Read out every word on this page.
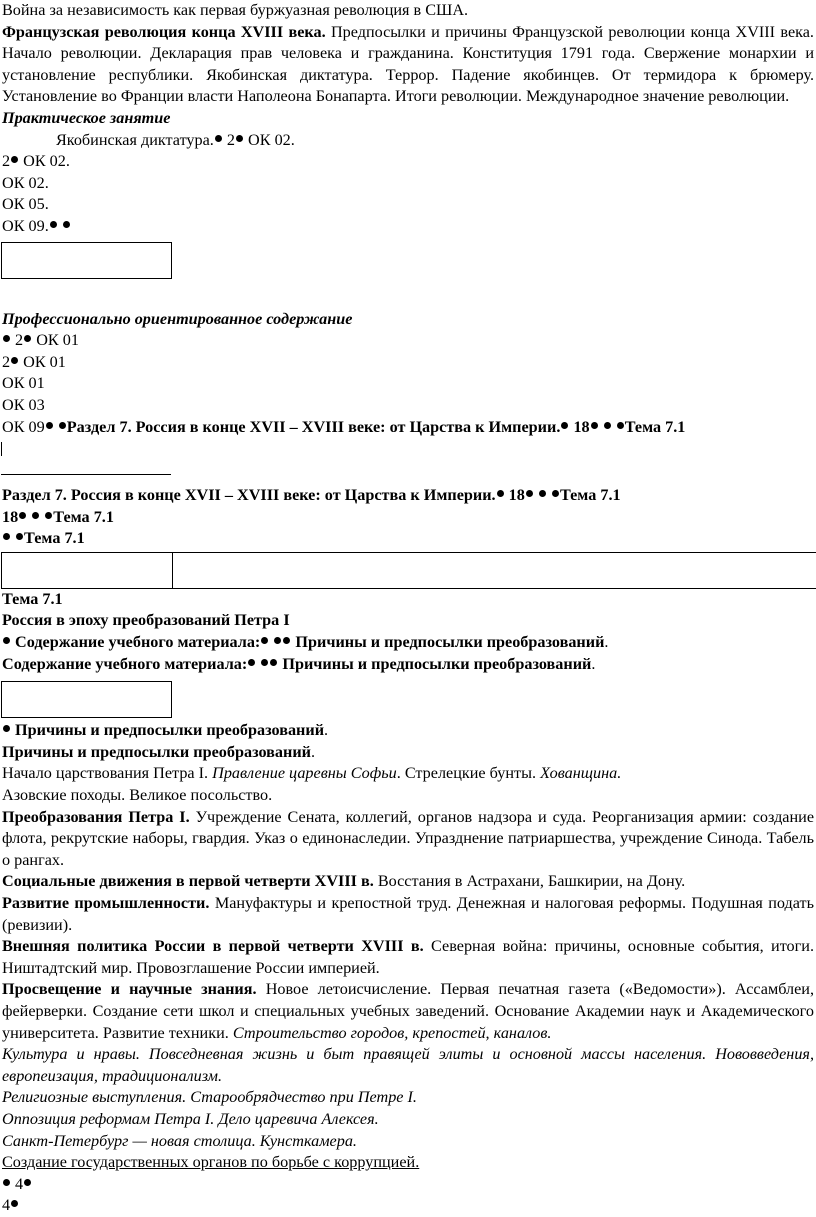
Война за независимость как первая буржуазная революция в США.

Французская революция конца XVIII века. Предпосылки и причины Французской революции конца XVIII века. Начало революции. Декларация прав человека и гражданина. Конституция 1791 года. Свержение монархии и установление республики. Якобинская диктатура. Террор. Падение якобинцев. От термидора к брюмеру. Установление во Франции власти Наполеона Бонапарта. Итоги революции. Международное значение революции.

Практическое занятие

Якобинская диктатура. 2 ОК 02.

2 ОК 02.

ОК 02.

ОК 05.

ОК 09.

Профессионально ориентированное содержание

2 ОК 01

2 ОК 01

ОК 01

ОК 03

ОК 09 Раздел 7. Россия в конце XVII – XVIII веке: от Царства к Империи. 18 Тема 7.1

Раздел 7. Россия в конце XVII – XVIII веке: от Царства к Империи. 18 Тема 7.1

18 Тема 7.1

Тема 7.1

Тема 7.1

Россия в эпоху преобразований Петра I

Содержание учебного материала:  Причины и предпосылки преобразований.

Содержание учебного материала:  Причины и предпосылки преобразований.

Причины и предпосылки преобразований.

Причины и предпосылки преобразований.

Начало царствования Петра I. Правление царевны Софьи. Стрелецкие бунты. Хованщина.

Азовские походы. Великое посольство.

Преобразования Петра I. Учреждение Сената, коллегий, органов надзора и суда. Реорганизация армии: создание флота, рекрутские наборы, гвардия. Указ о единонаследии. Упразднение патриаршества, учреждение Синода. Табель о рангах.

Социальные движения в первой четверти XVIII в. Восстания в Астрахани, Башкирии, на Дону.

Развитие промышленности. Мануфактуры и крепостной труд. Денежная и налоговая реформы. Подушная подать (ревизии).

Внешняя политика России в первой четверти XVIII в. Северная война: причины, основные события, итоги. Ништадтский мир. Провозглашение России империей.

Просвещение и научные знания. Новое летоисчисление. Первая печатная газета («Ведомости»). Ассамблеи, фейерверки. Создание сети школ и специальных учебных заведений. Основание Академии наук и Академического университета. Развитие техники. Строительство городов, крепостей, каналов.

Культура и нравы. Повседневная жизнь и быт правящей элиты и основной массы населения. Нововведения, европеизация, традиционализм.

Религиозные выступления. Старообрядчество при Петре I.

Оппозиция реформам Петра I. Дело царевича Алексея.

Санкт-Петербург — новая столица. Кунсткамера.

Создание государственных органов по борьбе с коррупцией.

4

4
